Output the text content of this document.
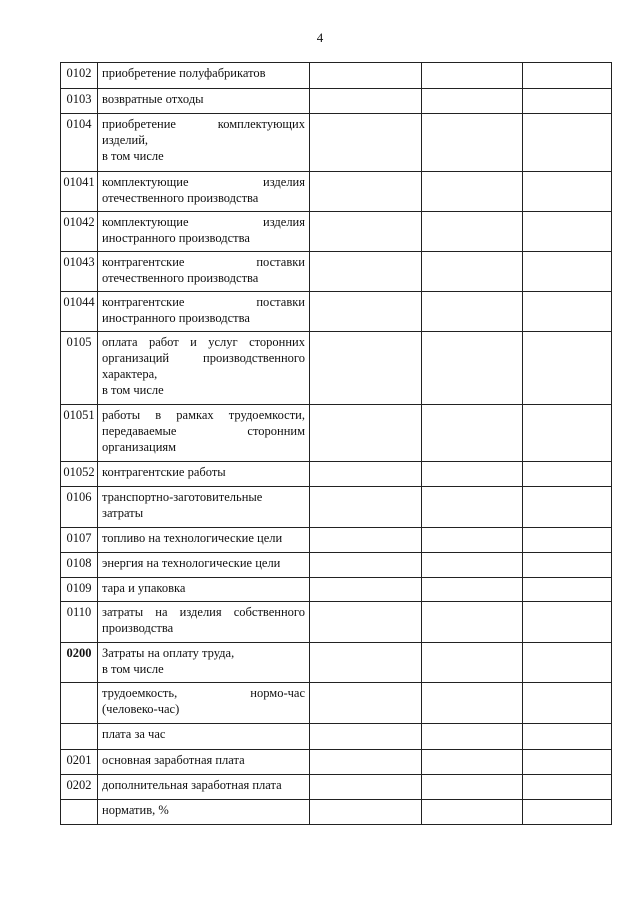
4
0102	приобретение полуфабрикатов			

0103	возвратные отходы			

0104	приобретение комплектующих
изделий,
в том числе			

01041	комплектующие изделия
отечественного производства			

01042	комплектующие изделия
иностранного производства			

01043	контрагентские поставки
отечественного производства			

01044	контрагентские поставки
иностранного производства			

0105	оплата работ и услуг сторонних
организаций производственного
характера,
в том числе			

01051	работы в рамках трудоемкости,
передаваемые сторонним
организациям			

01052	контрагентские работы			

0106	транспортно-заготовительные
затраты			

0107	топливо на технологические цели			

0108	энергия на технологические цели			

0109	тара и упаковка			

0110	затраты на изделия собственного
производства			

0200	Затраты на оплату труда,
в том числе			

	трудоемкость, нормо-час
(человеко-час)			

	плата за час			

0201	основная заработная плата			

0202	дополнительная заработная плата			

	норматив, %			
